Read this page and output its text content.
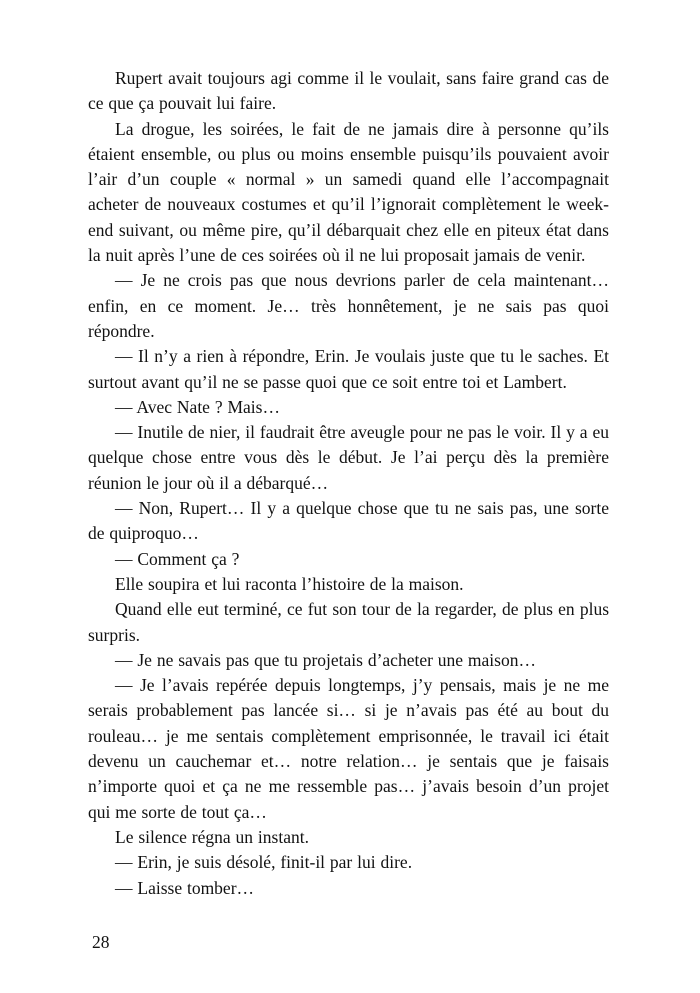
Rupert avait toujours agi comme il le voulait, sans faire grand cas de ce que ça pouvait lui faire.

La drogue, les soirées, le fait de ne jamais dire à personne qu’ils étaient ensemble, ou plus ou moins ensemble puisqu’ils pouvaient avoir l’air d’un couple « normal » un samedi quand elle l’accompagnait acheter de nouveaux costumes et qu’il l’ignorait complètement le week-end suivant, ou même pire, qu’il débarquait chez elle en piteux état dans la nuit après l’une de ces soirées où il ne lui proposait jamais de venir.

— Je ne crois pas que nous devrions parler de cela maintenant… enfin, en ce moment. Je… très honnêtement, je ne sais pas quoi répondre.

— Il n’y a rien à répondre, Erin. Je voulais juste que tu le saches. Et surtout avant qu’il ne se passe quoi que ce soit entre toi et Lambert.

— Avec Nate ? Mais…

— Inutile de nier, il faudrait être aveugle pour ne pas le voir. Il y a eu quelque chose entre vous dès le début. Je l’ai perçu dès la première réunion le jour où il a débarqué…

— Non, Rupert… Il y a quelque chose que tu ne sais pas, une sorte de quiproquo…

— Comment ça ?

Elle soupira et lui raconta l’histoire de la maison.

Quand elle eut terminé, ce fut son tour de la regarder, de plus en plus surpris.

— Je ne savais pas que tu projetais d’acheter une maison…

— Je l’avais repérée depuis longtemps, j’y pensais, mais je ne me serais probablement pas lancée si… si je n’avais pas été au bout du rouleau… je me sentais complètement emprisonnée, le travail ici était devenu un cauchemar et… notre relation… je sentais que je faisais n’importe quoi et ça ne me ressemble pas… j’avais besoin d’un projet qui me sorte de tout ça…

Le silence régna un instant.

— Erin, je suis désolé, finit-il par lui dire.

— Laisse tomber…

28
